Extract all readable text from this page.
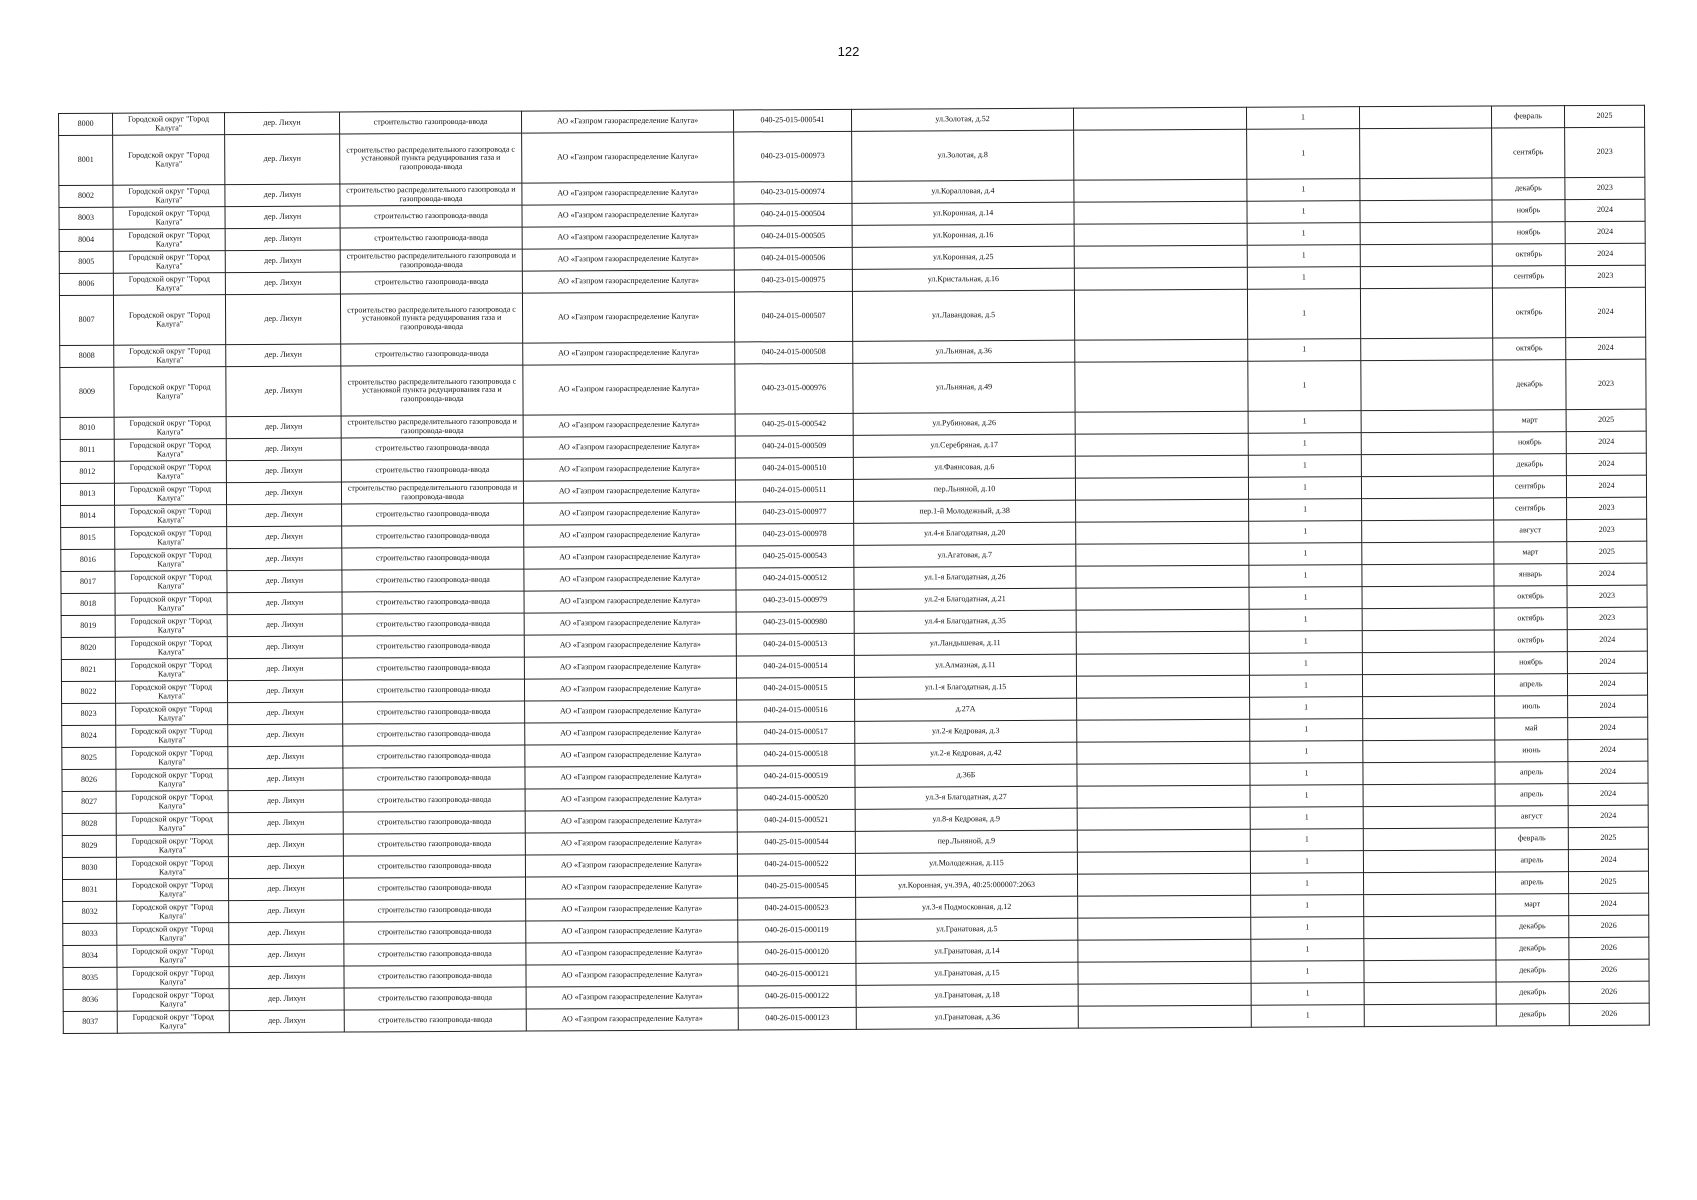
122
8000	Городской округ "Город Калуга"	дер. Лихун	строительство газопровода-ввода	АО «Газпром газораспределение Калуга»	040-25-015-000541	ул.Золотая, д.52		1		февраль	2025
8001	Городской округ "Город Калуга"	дер. Лихун	строительство распределительного газопровода с установкой пункта редуцирования газа и газопровода-ввода	АО «Газпром газораспределение Калуга»	040-23-015-000973	ул.Золотая, д.8		1		сентябрь	2023
8002	Городской округ "Город Калуга"	дер. Лихун	строительство распределительного газопровода и газопровода-ввода	АО «Газпром газораспределение Калуга»	040-23-015-000974	ул.Коралловая, д.4		1		декабрь	2023
8003	Городской округ "Город Калуга"	дер. Лихун	строительство газопровода-ввода	АО «Газпром газораспределение Калуга»	040-24-015-000504	ул.Коронная, д.14		1		ноябрь	2024
8004	Городской округ "Город Калуга"	дер. Лихун	строительство газопровода-ввода	АО «Газпром газораспределение Калуга»	040-24-015-000505	ул.Коронная, д.16		1		ноябрь	2024
8005	Городской округ "Город Калуга"	дер. Лихун	строительство распределительного газопровода и газопровода-ввода	АО «Газпром газораспределение Калуга»	040-24-015-000506	ул.Коронная, д.25		1		октябрь	2024
8006	Городской округ "Город Калуга"	дер. Лихун	строительство газопровода-ввода	АО «Газпром газораспределение Калуга»	040-23-015-000975	ул.Кристальная, д.16		1		сентябрь	2023
8007	Городской округ "Город Калуга"	дер. Лихун	строительство распределительного газопровода с установкой пункта редуцирования газа и газопровода-ввода	АО «Газпром газораспределение Калуга»	040-24-015-000507	ул.Лавандовая, д.5		1		октябрь	2024
8008	Городской округ "Город Калуга"	дер. Лихун	строительство газопровода-ввода	АО «Газпром газораспределение Калуга»	040-24-015-000508	ул.Льняная, д.36		1		октябрь	2024
8009	Городской округ "Город Калуга"	дер. Лихун	строительство распределительного газопровода с установкой пункта редуцирования газа и газопровода-ввода	АО «Газпром газораспределение Калуга»	040-23-015-000976	ул.Льняная, д.49		1		декабрь	2023
8010	Городской округ "Город Калуга"	дер. Лихун	строительство распределительного газопровода и газопровода-ввода	АО «Газпром газораспределение Калуга»	040-25-015-000542	ул.Рубиновая, д.26		1		март	2025
8011	Городской округ "Город Калуга"	дер. Лихун	строительство газопровода-ввода	АО «Газпром газораспределение Калуга»	040-24-015-000509	ул.Серебряная, д.17		1		ноябрь	2024
8012	Городской округ "Город Калуга"	дер. Лихун	строительство газопровода-ввода	АО «Газпром газораспределение Калуга»	040-24-015-000510	ул.Фаянсовая, д.6		1		декабрь	2024
8013	Городской округ "Город Калуга"	дер. Лихун	строительство распределительного газопровода и газопровода-ввода	АО «Газпром газораспределение Калуга»	040-24-015-000511	пер.Льняной, д.10		1		сентябрь	2024
8014	Городской округ "Город Калуга"	дер. Лихун	строительство газопровода-ввода	АО «Газпром газораспределение Калуга»	040-23-015-000977	пер.1-й Молодежный, д.38		1		сентябрь	2023
8015	Городской округ "Город Калуга"	дер. Лихун	строительство газопровода-ввода	АО «Газпром газораспределение Калуга»	040-23-015-000978	ул.4-я Благодатная, д.20		1		август	2023
8016	Городской округ "Город Калуга"	дер. Лихун	строительство газопровода-ввода	АО «Газпром газораспределение Калуга»	040-25-015-000543	ул.Агатовая, д.7		1		март	2025
8017	Городской округ "Город Калуга"	дер. Лихун	строительство газопровода-ввода	АО «Газпром газораспределение Калуга»	040-24-015-000512	ул.1-я Благодатная, д.26		1		январь	2024
8018	Городской округ "Город Калуга"	дер. Лихун	строительство газопровода-ввода	АО «Газпром газораспределение Калуга»	040-23-015-000979	ул.2-я Благодатная, д.21		1		октябрь	2023
8019	Городской округ "Город Калуга"	дер. Лихун	строительство газопровода-ввода	АО «Газпром газораспределение Калуга»	040-23-015-000980	ул.4-я Благодатная, д.35		1		октябрь	2023
8020	Городской округ "Город Калуга"	дер. Лихун	строительство газопровода-ввода	АО «Газпром газораспределение Калуга»	040-24-015-000513	ул.Ландышевая, д.11		1		октябрь	2024
8021	Городской округ "Город Калуга"	дер. Лихун	строительство газопровода-ввода	АО «Газпром газораспределение Калуга»	040-24-015-000514	ул.Алмазная, д.11		1		ноябрь	2024
8022	Городской округ "Город Калуга"	дер. Лихун	строительство газопровода-ввода	АО «Газпром газораспределение Калуга»	040-24-015-000515	ул.1-я Благодатная, д.15		1		апрель	2024
8023	Городской округ "Город Калуга"	дер. Лихун	строительство газопровода-ввода	АО «Газпром газораспределение Калуга»	040-24-015-000516	д.27А		1		июль	2024
8024	Городской округ "Город Калуга"	дер. Лихун	строительство газопровода-ввода	АО «Газпром газораспределение Калуга»	040-24-015-000517	ул.2-я Кедровая, д.3		1		май	2024
8025	Городской округ "Город Калуга"	дер. Лихун	строительство газопровода-ввода	АО «Газпром газораспределение Калуга»	040-24-015-000518	ул.2-я Кедровая, д.42		1		июнь	2024
8026	Городской округ "Город Калуга"	дер. Лихун	строительство газопровода-ввода	АО «Газпром газораспределение Калуга»	040-24-015-000519	д.36Б		1		апрель	2024
8027	Городской округ "Город Калуга"	дер. Лихун	строительство газопровода-ввода	АО «Газпром газораспределение Калуга»	040-24-015-000520	ул.3-я Благодатная, д.27		1		апрель	2024
8028	Городской округ "Город Калуга"	дер. Лихун	строительство газопровода-ввода	АО «Газпром газораспределение Калуга»	040-24-015-000521	ул.8-я Кедровая, д.9		1		август	2024
8029	Городской округ "Город Калуга"	дер. Лихун	строительство газопровода-ввода	АО «Газпром газораспределение Калуга»	040-25-015-000544	пер.Льняной, д.9		1		февраль	2025
8030	Городской округ "Город Калуга"	дер. Лихун	строительство газопровода-ввода	АО «Газпром газораспределение Калуга»	040-24-015-000522	ул.Молодежная, д.115		1		апрель	2024
8031	Городской округ "Город Калуга"	дер. Лихун	строительство газопровода-ввода	АО «Газпром газораспределение Калуга»	040-25-015-000545	ул.Коронная, уч.39А, 40:25:000007:2063		1		апрель	2025
8032	Городской округ "Город Калуга"	дер. Лихун	строительство газопровода-ввода	АО «Газпром газораспределение Калуга»	040-24-015-000523	ул.3-я Подмосковная, д.12		1		март	2024
8033	Городской округ "Город Калуга"	дер. Лихун	строительство газопровода-ввода	АО «Газпром газораспределение Калуга»	040-26-015-000119	ул.Гранатовая, д.5		1		декабрь	2026
8034	Городской округ "Город Калуга"	дер. Лихун	строительство газопровода-ввода	АО «Газпром газораспределение Калуга»	040-26-015-000120	ул.Гранатовая, д.14		1		декабрь	2026
8035	Городской округ "Город Калуга"	дер. Лихун	строительство газопровода-ввода	АО «Газпром газораспределение Калуга»	040-26-015-000121	ул.Гранатовая, д.15		1		декабрь	2026
8036	Городской округ "Город Калуга"	дер. Лихун	строительство газопровода-ввода	АО «Газпром газораспределение Калуга»	040-26-015-000122	ул.Гранатовая, д.18		1		декабрь	2026
8037	Городской округ "Город Калуга"	дер. Лихун	строительство газопровода-ввода	АО «Газпром газораспределение Калуга»	040-26-015-000123	ул.Гранатовая, д.36		1		декабрь	2026
